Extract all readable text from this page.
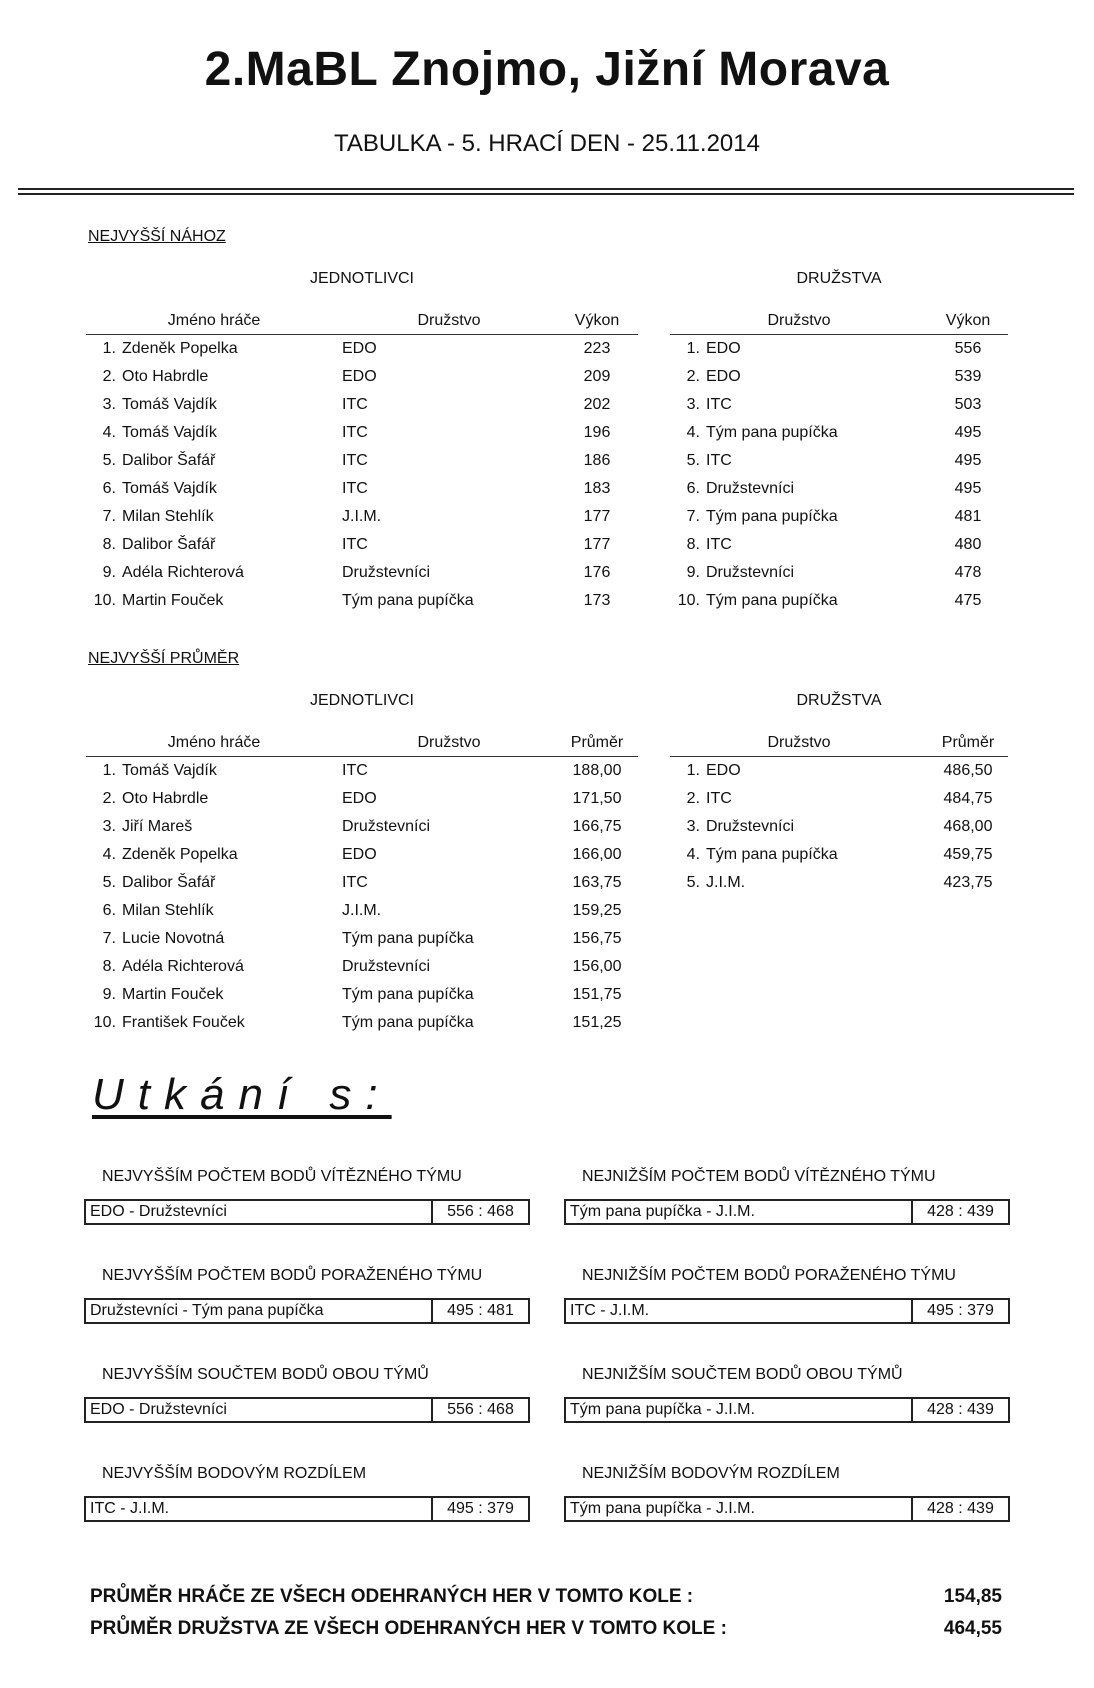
2.MaBL Znojmo, Jižní Morava
TABULKA - 5. HRACÍ DEN - 25.11.2014
NEJVYŠŠÍ NÁHOZ
JEDNOTLIVCI	DRUŽSTVA
Jméno hráče		Družstvo	Výkon
1.	Zdeněk Popelka	EDO	223
2.	Oto Habrdle	EDO	209
3.	Tomáš Vajdík	ITC	202
4.	Tomáš Vajdík	ITC	196
5.	Dalibor Šafář	ITC	186
6.	Tomáš Vajdík	ITC	183
7.	Milan Stehlík	J.I.M.	177
8.	Dalibor Šafář	ITC	177
9.	Adéla Richterová	Družstevníci	176
10.	Martin Fouček	Tým pana pupíčka	173
Družstvo		Výkon
1.	EDO	556
2.	EDO	539
3.	ITC	503
4.	Tým pana pupíčka	495
5.	ITC	495
6.	Družstevníci	495
7.	Tým pana pupíčka	481
8.	ITC	480
9.	Družstevníci	478
10.	Tým pana pupíčka	475
NEJVYŠŠÍ PRŮMĚR
JEDNOTLIVCI	DRUŽSTVA
Jméno hráče		Družstvo	Průměr
1.	Tomáš Vajdík	ITC	188,00
2.	Oto Habrdle	EDO	171,50
3.	Jiří Mareš	Družstevníci	166,75
4.	Zdeněk Popelka	EDO	166,00
5.	Dalibor Šafář	ITC	163,75
6.	Milan Stehlík	J.I.M.	159,25
7.	Lucie Novotná	Tým pana pupíčka	156,75
8.	Adéla Richterová	Družstevníci	156,00
9.	Martin Fouček	Tým pana pupíčka	151,75
10.	František Fouček	Tým pana pupíčka	151,25
Družstvo		Průměr
1.	EDO	486,50
2.	ITC	484,75
3.	Družstevníci	468,00
4.	Tým pana pupíčka	459,75
5.	J.I.M.	423,75
Utkání s:
NEJVYŠŠÍM POČTEM BODŮ VÍTĚZNÉHO TÝMU
EDO - Družstevníci	556 : 468
NEJNIŽŠÍM POČTEM BODŮ VÍTĚZNÉHO TÝMU
Tým pana pupíčka - J.I.M.	428 : 439
NEJVYŠŠÍM POČTEM BODŮ PORAŽENÉHO TÝMU
Družstevníci - Tým pana pupíčka	495 : 481
NEJNIŽŠÍM POČTEM BODŮ PORAŽENÉHO TÝMU
ITC - J.I.M.	495 : 379
NEJVYŠŠÍM SOUČTEM BODŮ OBOU TÝMŮ
EDO - Družstevníci	556 : 468
NEJNIŽŠÍM SOUČTEM BODŮ OBOU TÝMŮ
Tým pana pupíčka - J.I.M.	428 : 439
NEJVYŠŠÍM BODOVÝM ROZDÍLEM
ITC - J.I.M.	495 : 379
NEJNIŽŠÍM BODOVÝM ROZDÍLEM
Tým pana pupíčka - J.I.M.	428 : 439
PRŮMĚR HRÁČE ZE VŠECH ODEHRANÝCH HER V TOMTO KOLE :	154,85
PRŮMĚR DRUŽSTVA ZE VŠECH ODEHRANÝCH HER V TOMTO KOLE :	464,55
